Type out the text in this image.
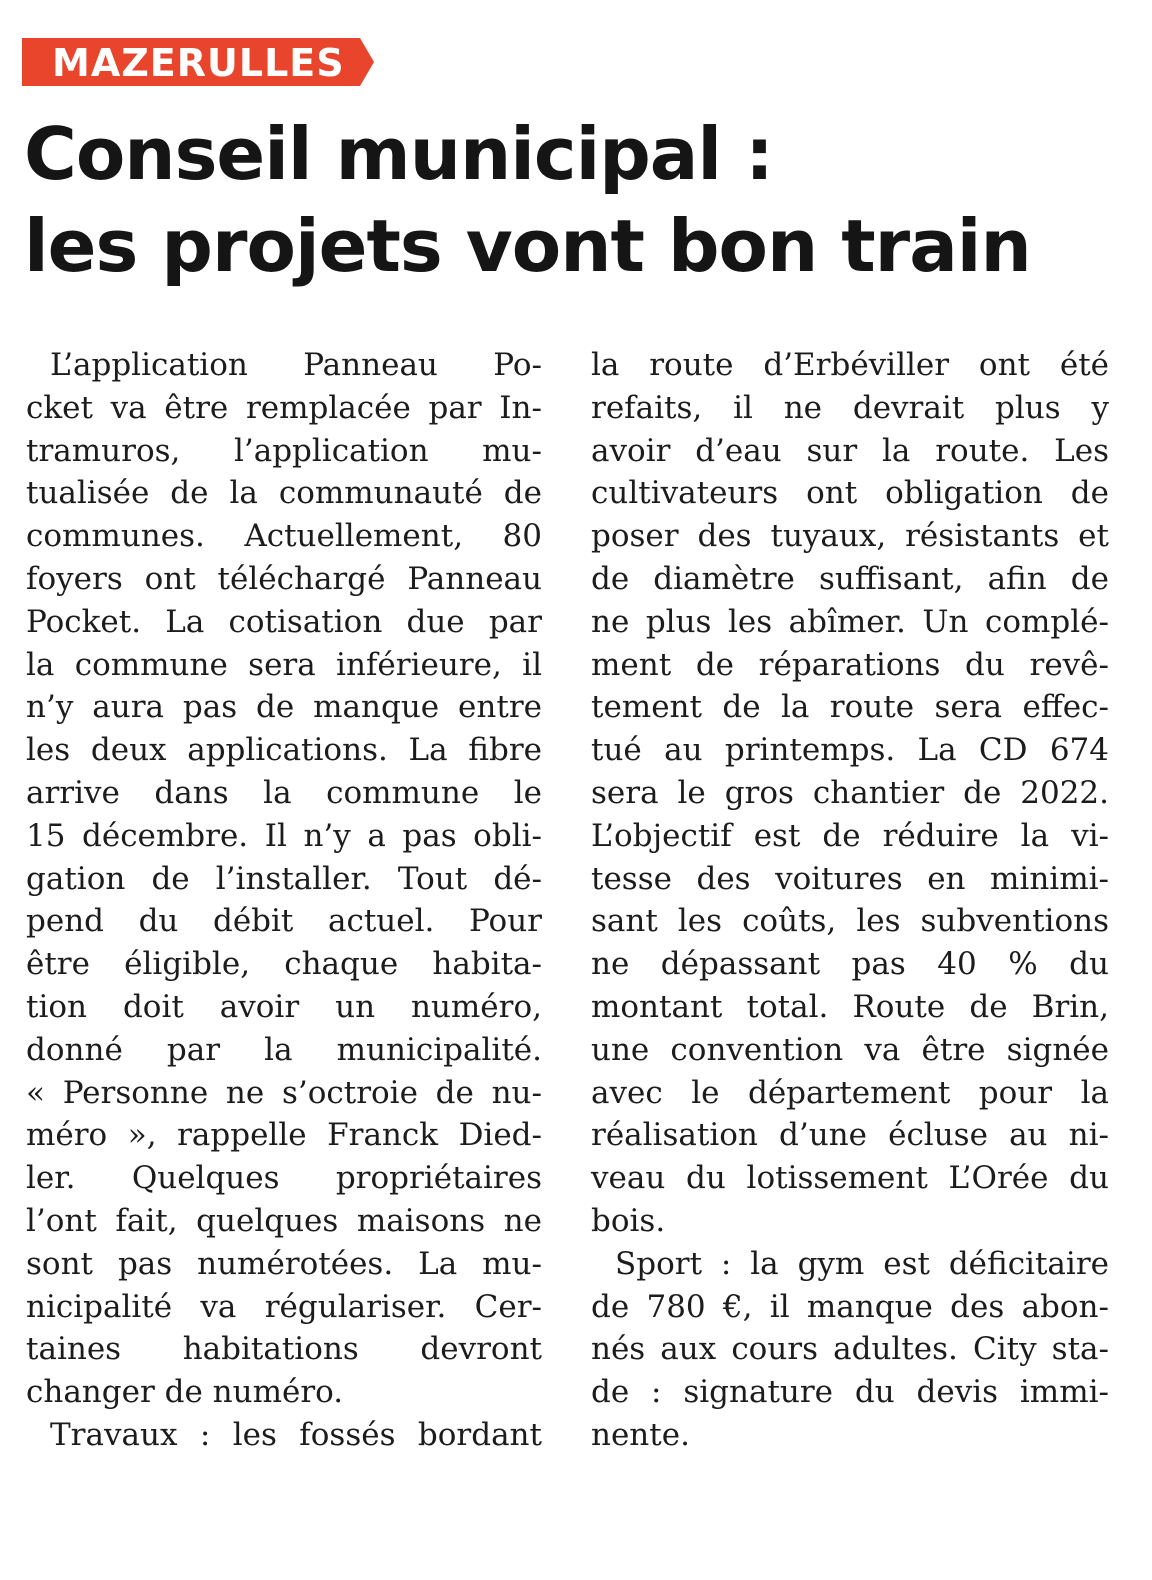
MAZERULLES
Conseil municipal :
les projets vont bon train
L’application Panneau Po-
cket va être remplacée par In-
tramuros, l’application mu-
tualisée de la communauté de
communes. Actuellement, 80
foyers ont téléchargé Panneau
Pocket. La cotisation due par
la commune sera inférieure, il
n’y aura pas de manque entre
les deux applications. La fibre
arrive dans la commune le
15 décembre. Il n’y a pas obli-
gation de l’installer. Tout dé-
pend du débit actuel. Pour
être éligible, chaque habita-
tion doit avoir un numéro,
donné par la municipalité.
« Personne ne s’octroie de nu-
méro », rappelle Franck Died-
ler. Quelques propriétaires
l’ont fait, quelques maisons ne
sont pas numérotées. La mu-
nicipalité va régulariser. Cer-
taines habitations devront
changer de numéro.
Travaux : les fossés bordant
la route d’Erbéviller ont été
refaits, il ne devrait plus y
avoir d’eau sur la route. Les
cultivateurs ont obligation de
poser des tuyaux, résistants et
de diamètre suffisant, afin de
ne plus les abîmer. Un complé-
ment de réparations du revê-
tement de la route sera effec-
tué au printemps. La CD 674
sera le gros chantier de 2022.
L’objectif est de réduire la vi-
tesse des voitures en minimi-
sant les coûts, les subventions
ne dépassant pas 40 % du
montant total. Route de Brin,
une convention va être signée
avec le département pour la
réalisation d’une écluse au ni-
veau du lotissement L’Orée du
bois.
Sport : la gym est déficitaire
de 780 €, il manque des abon-
nés aux cours adultes. City sta-
de : signature du devis immi-
nente.
